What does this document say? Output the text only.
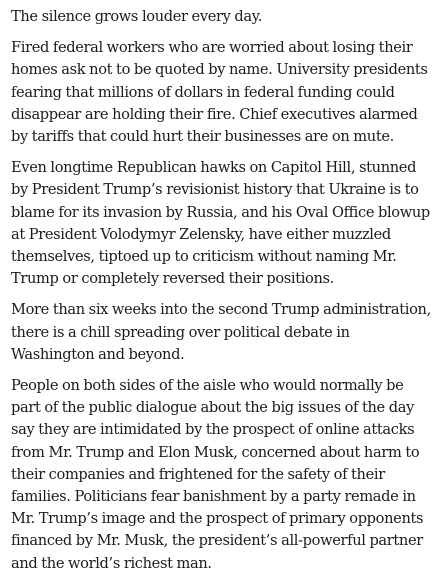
The silence grows louder every day.

Fired federal workers who are worried about losing their homes ask not to be quoted by name. University presidents fearing that millions of dollars in federal funding could disappear are holding their fire. Chief executives alarmed by tariffs that could hurt their businesses are on mute.

Even longtime Republican hawks on Capitol Hill, stunned by President Trump’s revisionist history that Ukraine is to blame for its invasion by Russia, and his Oval Office blowup at President Volodymyr Zelensky, have either muzzled themselves, tiptoed up to criticism without naming Mr. Trump or completely reversed their positions.

More than six weeks into the second Trump administration, there is a chill spreading over political debate in Washington and beyond.

People on both sides of the aisle who would normally be part of the public dialogue about the big issues of the day say they are intimidated by the prospect of online attacks from Mr. Trump and Elon Musk, concerned about harm to their companies and frightened for the safety of their families. Politicians fear banishment by a party remade in Mr. Trump’s image and the prospect of primary opponents financed by Mr. Musk, the president’s all-powerful partner and the world’s richest man.
